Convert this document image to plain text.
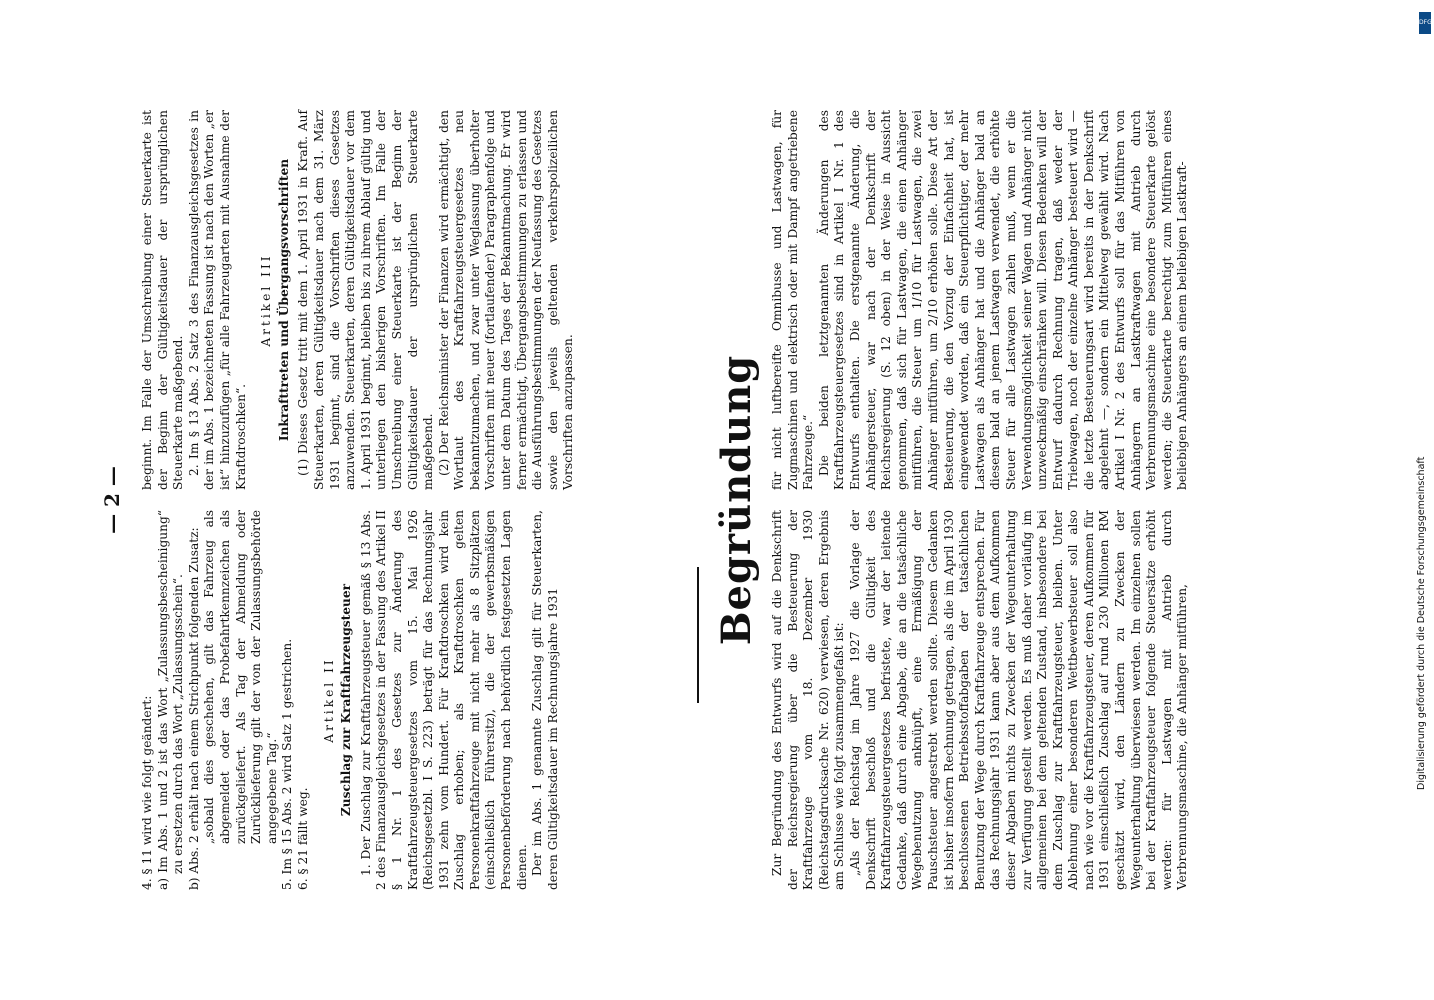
— 2 —

4. § 11 wird wie folgt geändert: a) Im Abs. 1 und 2 ist das Wort „Zulassungsbescheinigung“ zu ersetzen durch das Wort „Zulassungsschein“. b) Abs. 2 erhält nach einem Strichpunkt folgenden Zusatz: „sobald dies geschehen, gilt das Fahrzeug als abgemeldet oder das Probefahrtkennzeichen als zurückgeliefert. Als Tag der Abmeldung oder Zurücklieferung gilt der von der Zulassungsbehörde angegebene Tag.“ 5. Im § 15 Abs. 2 wird Satz 1 gestrichen. 6. § 21 fällt weg.

Artikel II Zuschlag zur Kraftfahrzeugsteuer 1. Der Zuschlag zur Kraftfahrzeugsteuer gemäß § 13 Abs. 2 des Finanzausgleichsgesetzes in der Fassung des Artikel II § 1 Nr. 1 des Gesetzes zur Änderung des Kraftfahrzeugsteuergesetzes vom 15. Mai 1926 (Reichsgesetzbl. I S. 223) beträgt für das Rechnungsjahr 1931 zehn vom Hundert. Für Kraftdroschken wird kein Zuschlag erhoben; als Kraftdroschken gelten Personenkraftfahrzeuge mit nicht mehr als 8 Sitzplätzen (einschließlich Führersitz), die der gewerbsmäßigen Personenbeförderung nach behördlich festgesetzten Lagen dienen. Der im Abs. 1 genannte Zuschlag gilt für Steuerkarten, deren Gültigkeitsdauer im Rechnungsjahre 1931

beginnt. Im Falle der Umschreibung einer Steuerkarte ist der Beginn der Gültigkeitsdauer der ursprünglichen Steuerkarte maßgebend. 2. Im § 13 Abs. 2 Satz 3 des Finanzausgleichsgesetzes in der im Abs. 1 bezeichneten Fassung ist nach den Worten „er ist“ hinzuzufügen „für alle Fahrzeugarten mit Ausnahme der Kraftdroschken“.

Artikel III Inkrafttreten und Übergangsvorschriften (1) Dieses Gesetz tritt mit dem 1. April 1931 in Kraft. Auf Steuerkarten, deren Gültigkeitsdauer nach dem 31. März 1931 beginnt, sind die Vorschriften dieses Gesetzes anzuwenden. Steuerkarten, deren Gültigkeitsdauer vor dem 1. April 1931 beginnt, bleiben bis zu ihrem Ablauf gültig und unterliegen den bisherigen Vorschriften. Im Falle der Umschreibung einer Steuerkarte ist der Beginn der Gültigkeitsdauer der ursprünglichen Steuerkarte maßgebend. (2) Der Reichsminister der Finanzen wird ermächtigt, den Wortlaut des Kraftfahrzeugsteuergesetzes neu bekanntzumachen, und zwar unter Weglassung überholter Vorschriften mit neuer (fortlaufender) Paragraphenfolge und unter dem Datum des Tages der Bekanntmachung. Er wird ferner ermächtigt, Übergangsbestimmungen zu erlassen und die Ausführungsbestimmungen der Neufassung des Gesetzes sowie den jeweils geltenden verkehrspolizeilichen Vorschriften anzupassen.	Begründung

Zur Begründung des Entwurfs wird auf die Denkschrift der Reichsregierung über die Besteuerung der Kraftfahrzeuge vom 18. Dezember 1930 (Reichstagsdrucksache Nr. 620) verwiesen, deren Ergebnis am Schlusse wie folgt zusammengefaßt ist: „Als der Reichstag im Jahre 1927 die Vorlage der Denkschrift beschloß und die Gültigkeit des Kraftfahrzeugsteuergesetzes befristete, war der leitende Gedanke, daß durch eine Abgabe, die an die tatsächliche Wegebenutzung anknüpft, eine Ermäßigung der Pauschsteuer angestrebt werden sollte. Diesem Gedanken ist bisher insofern Rechnung getragen, als die im April 1930 beschlossenen Betriebsstoffabgaben der tatsächlichen Benutzung der Wege durch Kraftfahrzeuge entsprechen. Für das Rechnungsjahr 1931 kann aber aus dem Aufkommen dieser Abgaben nichts zu Zwecken der Wegeunterhaltung zur Verfügung gestellt werden. Es muß daher vorläufig im allgemeinen bei dem geltenden Zustand, insbesondere bei dem Zuschlag zur Kraftfahrzeugsteuer, bleiben. Unter Ablehnung einer besonderen Wettbewerbsteuer soll also nach wie vor die Kraftfahrzeugsteuer, deren Aufkommen für 1931 einschließlich Zuschlag auf rund 230 Millionen RM geschätzt wird, den Ländern zu Zwecken der Wegeunterhaltung überwiesen werden. Im einzelnen sollen bei der Kraftfahrzeugsteuer folgende Steuersätze erhöht werden: für Lastwagen mit Antrieb durch Verbrennungsmaschine, die Anhänger mitführen,

für nicht luftbereifte Omnibusse und Lastwagen, für Zugmaschinen und elektrisch oder mit Dampf angetriebene Fahrzeuge.“ Die beiden letztgenannten Änderungen des Kraftfahrzeugsteuergesetzes sind in Artikel I Nr. 1 des Entwurfs enthalten. Die erstgenannte Änderung, die Anhängersteuer, war nach der Denkschrift der Reichsregierung (S. 12 oben) in der Weise in Aussicht genommen, daß sich für Lastwagen, die einen Anhänger mitführen, die Steuer um 1/10 für Lastwagen, die zwei Anhänger mitführen, um 2/10 erhöhen solle. Diese Art der Besteuerung, die den Vorzug der Einfachheit hat, ist eingewendet worden, daß ein Steuerpflichtiger, der mehr Lastwagen als Anhänger hat und die Anhänger bald an diesem bald an jenem Lastwagen verwendet, die erhöhte Steuer für alle Lastwagen zahlen muß, wenn er die Verwendungsmöglichkeit seiner Wagen und Anhänger nicht unzweckmäßig einschränken will. Diesen Bedenken will der Entwurf dadurch Rechnung tragen, daß weder der Triebwagen, noch der einzelne Anhänger besteuert wird — die letzte Besteuerungsart wird bereits in der Denkschrift abgelehnt —, sondern ein Mittelweg gewählt wird. Nach Artikel I Nr. 2 des Entwurfs soll für das Mitführen von Anhängern an Lastkraftwagen mit Antrieb durch Verbrennungsmaschine eine besondere Steuerkarte gelöst werden; die Steuerkarte berechtigt zum Mitführen eines beliebigen Anhängers an einem beliebigen Lastkraft-

Digitalisierung gefördert durch die Deutsche Forschungsgemeinschaft
DFG
